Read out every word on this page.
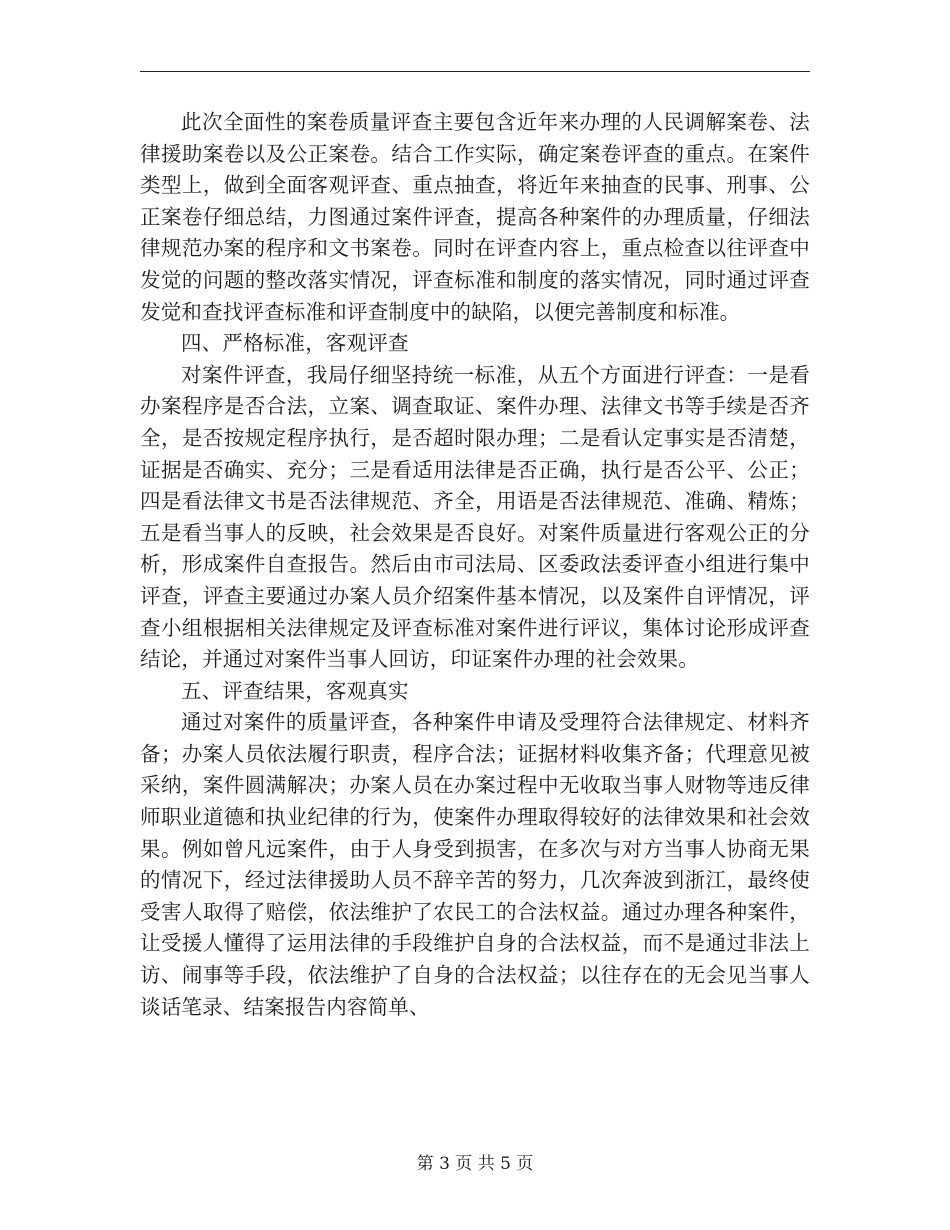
此次全面性的案卷质量评查主要包含近年来办理的人民调解案卷、法律援助案卷以及公正案卷。结合工作实际，确定案卷评查的重点。在案件类型上，做到全面客观评查、重点抽查，将近年来抽查的民事、刑事、公正案卷仔细总结，力图通过案件评查，提高各种案件的办理质量，仔细法律规范办案的程序和文书案卷。同时在评查内容上，重点检查以往评查中发觉的问题的整改落实情况，评查标准和制度的落实情况，同时通过评查发觉和查找评查标准和评查制度中的缺陷，以便完善制度和标准。

四、严格标准，客观评查

对案件评查，我局仔细坚持统一标准，从五个方面进行评查：一是看办案程序是否合法，立案、调查取证、案件办理、法律文书等手续是否齐全，是否按规定程序执行，是否超时限办理；二是看认定事实是否清楚，证据是否确实、充分；三是看适用法律是否正确，执行是否公平、公正；四是看法律文书是否法律规范、齐全，用语是否法律规范、准确、精炼；五是看当事人的反映，社会效果是否良好。对案件质量进行客观公正的分析，形成案件自查报告。然后由市司法局、区委政法委评查小组进行集中评查，评查主要通过办案人员介绍案件基本情况，以及案件自评情况，评查小组根据相关法律规定及评查标准对案件进行评议，集体讨论形成评查结论，并通过对案件当事人回访，印证案件办理的社会效果。

五、评查结果，客观真实

通过对案件的质量评查，各种案件申请及受理符合法律规定、材料齐备；办案人员依法履行职责，程序合法；证据材料收集齐备；代理意见被采纳，案件圆满解决；办案人员在办案过程中无收取当事人财物等违反律师职业道德和执业纪律的行为，使案件办理取得较好的法律效果和社会效果。例如曾凡远案件，由于人身受到损害，在多次与对方当事人协商无果的情况下，经过法律援助人员不辞辛苦的努力，几次奔波到浙江，最终使受害人取得了赔偿，依法维护了农民工的合法权益。通过办理各种案件，让受援人懂得了运用法律的手段维护自身的合法权益，而不是通过非法上访、闹事等手段，依法维护了自身的合法权益；以往存在的无会见当事人谈话笔录、结案报告内容简单、

第 3 页 共 5 页
